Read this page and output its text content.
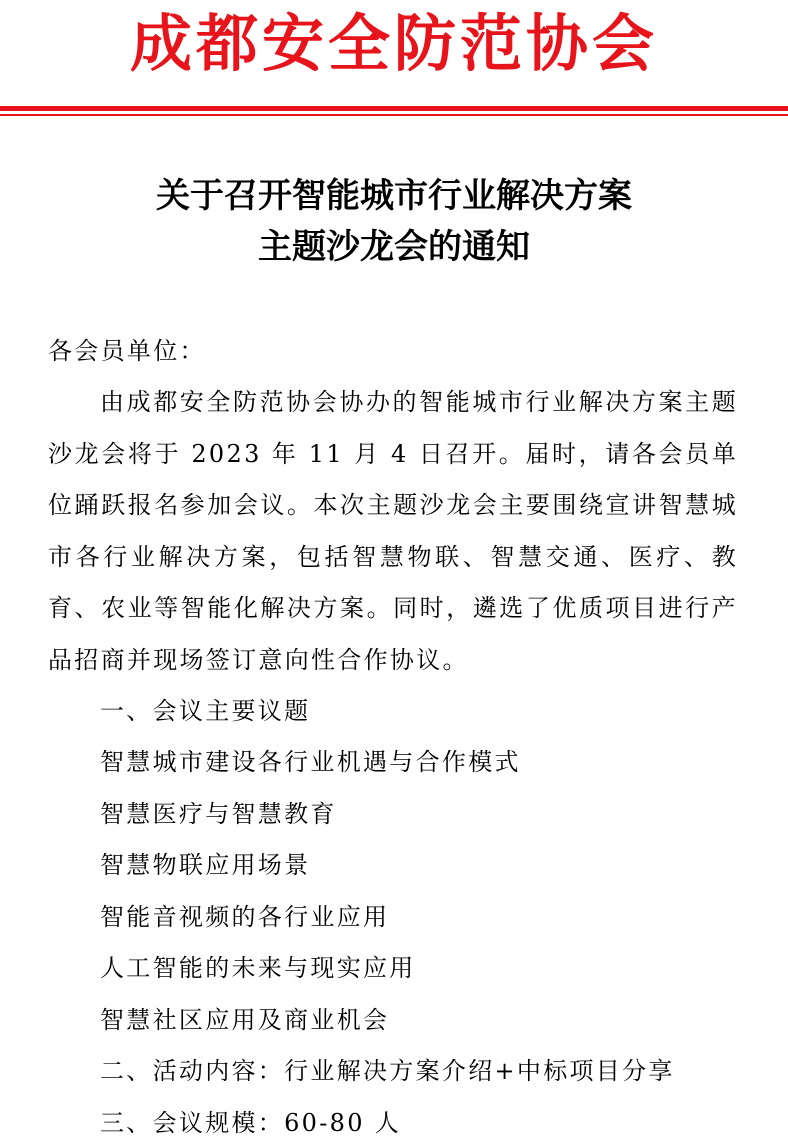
成都安全防范协会
关于召开智能城市行业解决方案
主题沙龙会的通知
各会员单位：

由成都安全防范协会协办的智能城市行业解决方案主题沙龙会将于 2023 年 11 月 4 日召开。届时，请各会员单位踊跃报名参加会议。本次主题沙龙会主要围绕宣讲智慧城市各行业解决方案，包括智慧物联、智慧交通、医疗、教育、农业等智能化解决方案。同时，遴选了优质项目进行产品招商并现场签订意向性合作协议。

一、会议主要议题
智慧城市建设各行业机遇与合作模式
智慧医疗与智慧教育
智慧物联应用场景
智能音视频的各行业应用
人工智能的未来与现实应用
智慧社区应用及商业机会
二、活动内容：行业解决方案介绍+中标项目分享
三、会议规模：60-80 人
